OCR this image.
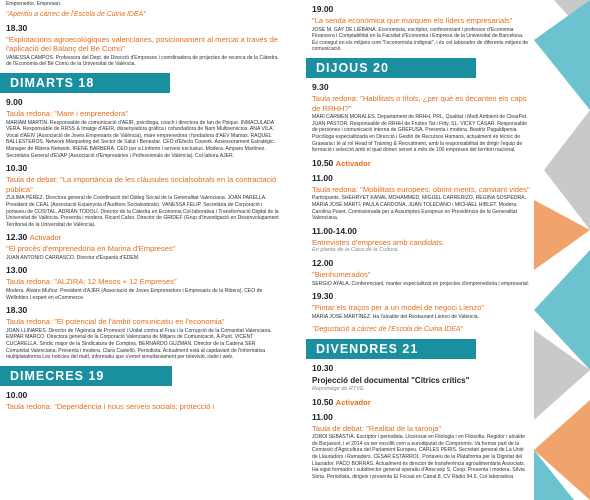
Emprenedor. Empresari.
"Aperitiu a càrrec de l'Escola de Cuina IDEA"
18.30
"Explotacions agroecològiques valencianes, posicionament al mercat a través de l'aplicació del Balanç del Bé Comú"
VANESSA CAMPOS. Professora del Dept. de Direcció d'Empreses i coordinadora de projectes de recerca de la Càtedra de l'Economia del Bé Comú de la Universitat de València.
DIMARTS 18
9.00
Taula redona: "Mare i emprenedora"
MARIAM MARTÍN. Responsable de comunicació d'AEIR, psicòloga, coach i directora de Ian de Psique. INMACULADA VERA. Responsable de RRSS & Imatge d'AEIR, dissenyadora gràfica i cofundadora de Nam Multiservicios. ANA VILA. Vocal d'AEIV (Associació de Joves Empresaris de València), mare emprenedora i fundadora d'AEV Mamas. RAQUEL BALLESTEROS. Network Màrqueting del Sector de Salut i Benestar. CEO d'Efecto Cowork. Assessorament Estratègic. Manager de Ribera Network. IRENE BARBERÀ. CEO per a Linfomo i serveis exclusius. Modera. Amparo Martínez. Secretària General d'EVAP (Associació d'Empresàries i Professionals de València). Col·labora AJER.
10.30
Taula de debat: "La importància de les clàusules socialsobrals en la contractació pública"
ZULIMA PÉREZ. Directora general de Coordinació del Diàleg Social de la Generalitat Valenciana. JOAN PARELLA. President de CEAL (Associació Espanyola d'Auditors Socialsobrals). VANESSA FELIP. Secretària de Corporació i portaveu de COSITAL. ADRIÁN TODOLÍ. Director de la Càtedra en Economia Col·laborativa i Transformació Digital de la Universitat de València. Presenta i modera. Ricard Calvo. Director de GRIDEF (Grup d'Investigació en Desenvolupament Territorial de la Universitat de València).
12.30 Activador
"El procés d'emprenedoria en Marina d'Empreses"
JUAN ANTONIO CARRASCO. Director d'Espanià d'EDEM.
13.00
Taula redona: "ALZIRA: 12 Mesos + 12 Empreses"
Modera. Álvaro Muñoz. President d'AJER (Associació de Joves Emprenedors i Empresaris de la Ribera), CEO de Wellnhbrs i expert en eCommerce.
18.30
Taula redona: "El potencial de l'àmbit comunicatiu en l'economia"
JOAN LLINARES. Director de l'Agència de Promoció i Unitat contra el Frau i la Corrupció de la Comunitat Valenciana. EMPAR MARCO. Directora general de la Corporació Valenciana de Mitjans de Comunicació, À Punt. VICENT CUCARELLA. Síndic major de la Sindicatura de Comptes. BERNARDO GUZMÁN. Director de la Cadena SER Comunitat Valenciana. Presenta i modera. Clara Castelló. Periodista. Actualment està al capdavant de l'informativa multiplataforma Les notícies del matí, informatiu que s'emet simultàniament per televisió, ràdio i web.
DIMECRES 19
10.00
Taula redona: "Dependència i nous serveis socials: protecció i
19.00
"La senda econòmica que marquen els líders empresarials"
JOSÉ M. GAY DE LIÉBANA. Economista, escriptor, conferenciant i professor d'Economia Financera i Comptabilitat en la Facultat d'Economia i Empresa de la Universitat de Barcelona. És conegut en els mitjans com "l'economista indignat", i és col·laborador de diferents mitjans de comunicació.
DIJOUS 20
9.30
Taula redona: "Habilitats o títols, ¿per què es decanten els caps de RRHH?"
MARI CARMEN MORALES. Departament de RRHH, PRL, Qualitat i Medi Ambient de ClearPet. JUAN PASTOR. Responsable de RRHH de Fruites Tat i Fitty, SL. VICKY CASAR. Responsable de persones i comunicació interna de GREFUSA. Presenta i modera. Beatriz Pagaldipenia. Psicòloga especialitzada en Direcció i Gestió de Recursos Humans, actualment és tècnic de Grawaria i té al rol Head of Training & Recruitment, amb la responsabilitat de dirigir l'equip de formació i selecció amb el qual donen servei a més de 100 empreses del territori nacional.
10.50 Activador
11.00
Taula redona: "Mobilitats europees: obrint ments, canviant vides"
Participants. SHEHRYET KANAL MOHAMMED, MIGUEL CARRERIZO, REGINA SOSPEDRA, MARIA JOSÉ MARTÍ, PAULA CARDONA, JUAN TOLEDANO i MICHAEL HIBLET. Modera. Carolina Puset. Comissionada per a Assumptes Europeus en Presidència de la Generalitat Valenciana.
11.00-14.00
Entrevistes d'empreses amb candidats.
En planta de la Casa de la Cultura.
12.00
"Bienhumerados"
SERGIO AYALA. Conferenciant, manter especialitzat en projectes d'emprenedoria i empresarial.
19.30
"Pintar els traços per a un model de negoci Lienzo"
MARIA JOSÉ MARTÍNEZ. Ha l'alcalde del Restaurant Lienzo de València.
"Degustació a càrrec de l'Escola de Cuina IDEA"
DIVENDRES 21
10.30
Projecció del documental "Cítrics crítics"
Reportatge de RTVE
10.50 Activador
11.00
Taula de debat: "Realitat de la taronja"
JORDI SEBASTIÀ. Escriptor i periodista. Llicenciat en Filologia i en Filosofia. Regidor i alcalde de Burjassot, i el 2014 va ser escollit com a eurodiputat de Compromís. Va formar part de la Comissió d'Agricultura del Parlament Europeu. CARLES PERIS. Secretari general de La Unió de Llauradors i Ramaders. CÉSAR ESTARROL. Portaveu de la Plataforma per la Dignitat del Llaurador. PACO BORRÀS. Actualment és director de transferència agroalimentària Associats. Ha sigut formador i subdirector general operatiu d'Anecoop S. Coop. Presenta i modera. Sílvia Sòria. Periodista, dirigeix i presenta El Focsal en Canal 8, CV Ràdio 94.5, Col·laboradora
